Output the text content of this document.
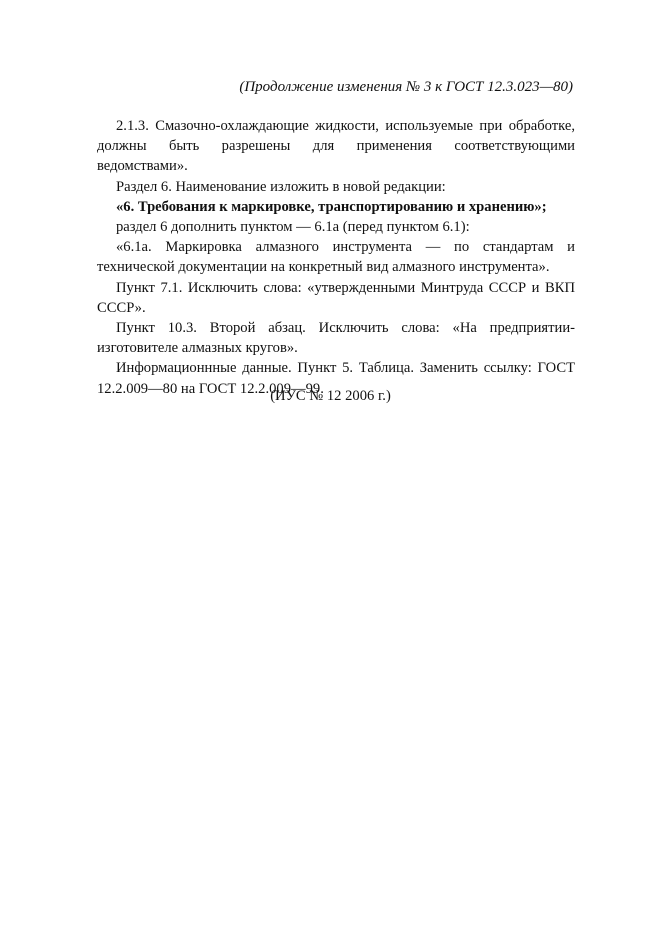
(Продолжение изменения № 3 к ГОСТ 12.3.023—80)

2.1.3. Смазочно-охлаждающие жидкости, используемые при обработке, должны быть разрешены для применения соответствующими ведомствами».

Раздел 6. Наименование изложить в новой редакции:

«6. Требования к маркировке, транспортированию и хранению»;

раздел 6 дополнить пунктом — 6.1а (перед пунктом 6.1):

«6.1а. Маркировка алмазного инструмента — по стандартам и технической документации на конкретный вид алмазного инструмента».

Пункт 7.1. Исключить слова: «утвержденными Минтруда СССР и ВКП СССР».

Пункт 10.3. Второй абзац. Исключить слова: «На предприятии-изготовителе алмазных кругов».

Информационнные данные. Пункт 5. Таблица. Заменить ссылку: ГОСТ 12.2.009—80 на ГОСТ 12.2.009—99.

(ИУС № 12 2006 г.)
